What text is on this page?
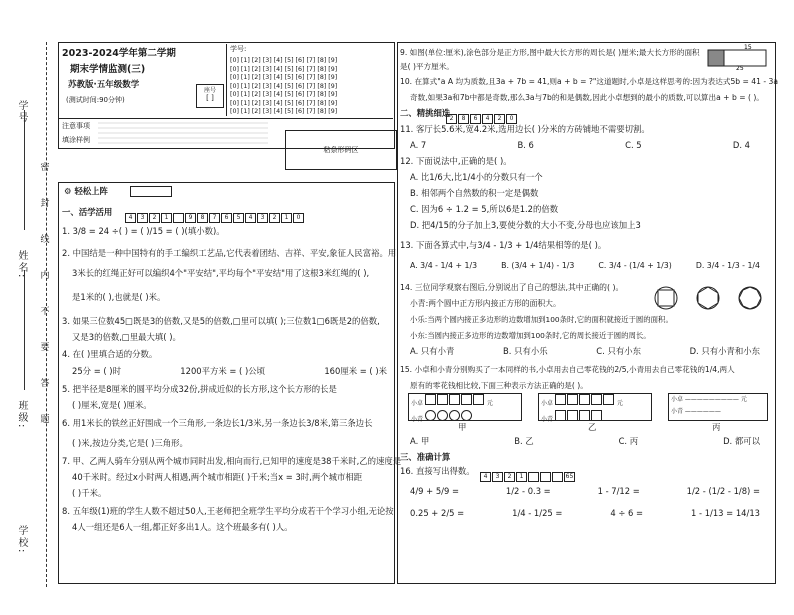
学号
姓名:
班级:
学校:
密
封
线
内
不
要
答
题
2023-2024学年第二学期
期末学情监测(三)
苏教版·五年级数学
(测试时间:90分钟)
座号
[ ]
学号:
[0] [1] [2] [3] [4] [5] [6] [7] [8] [9]
[0] [1] [2] [3] [4] [5] [6] [7] [8] [9]
[0] [1] [2] [3] [4] [5] [6] [7] [8] [9]
[0] [1] [2] [3] [4] [5] [6] [7] [8] [9]
[0] [1] [2] [3] [4] [5] [6] [7] [8] [9]
[0] [1] [2] [3] [4] [5] [6] [7] [8] [9]
[0] [1] [2] [3] [4] [5] [6] [7] [8] [9]
注意事项
填涂样例
粘条形码区
⚙ 轻松上阵
一、活学活用	4 3 2 1	9 8 7 6 5 4 3 2 1 0
1. 3/8 = 24 ÷( ) = ( )/15 = ( )(填小数)。
2. 中国结是一种中国特有的手工编织工艺品,它代表着团结、吉祥、平安,象征人民富裕。用
3米长的红绳正好可以编织4个"平安结",平均每个"平安结"用了这根3米红绳的( ),
是1米的( ),也就是( )米。
3. 如果三位数45□既是3的倍数,又是5的倍数,□里可以填( );三位数1□6既是2的倍数,
又是3的倍数,□里最大填( )。
4. 在( )里填合适的分数。
25分 = ( )时	1200平方米 = ( )公顷	160厘米 = ( )米
5. 把半径是8厘米的圆平均分成32份,拼成近似的长方形,这个长方形的长是
( )厘米,宽是( )厘米。
6. 用1米长的铁丝正好围成一个三角形,一条边长1/3米,另一条边长3/8米,第三条边长
( )米,按边分类,它是( )三角形。
7. 甲、乙两人骑车分别从两个城市同时出发,相向而行,已知甲的速度是38千米时,乙的速度是
40千米时。经过x小时两人相遇,两个城市相距( )千米;当x = 3时,两个城市相距
( )千米。
8. 五年级(1)班的学生人数不超过50人,王老师把全班学生平均分成若干个学习小组,无论按
4人一组还是6人一组,都正好多出1人。这个班最多有( )人。
9. 如图(单位:厘米),涂色部分是正方形,图中最大长方形的周长是( )厘米;最大长方形的面积是( )平方厘米。
15
25
10. 在算式"a A 均为质数,且3a + 7b = 41,则a + b = ?"这道题时,小卓是这样思考的:因为表达式5b = 41 - 3a
奇数,如果3a和7b中都是奇数,那么3a与7b的和是偶数,因此小卓想到的最小的质数,可以算出a + b = ( )。
二、精挑细选 2 8 6 4 2 0
11. 客厅长5.6米,宽4.2米,选用边长( )分米的方砖铺地不需要切割。
A. 7	B. 6	C. 5	D. 4
12. 下面说法中,正确的是( )。
A. 比1/6大,比1/4小的分数只有一个
B. 相邻两个自然数的积一定是偶数
C. 因为6 ÷ 1.2 = 5,所以6是1.2的倍数
D. 把4/15的分子加上3,要使分数的大小不变,分母也应该加上3
13. 下面各算式中,与3/4 - 1/3 + 1/4结果相等的是( )。
A. 3/4 - 1/4 + 1/3	B. (3/4 + 1/4) - 1/3	C. 3/4 - (1/4 + 1/3)	D. 3/4 - 1/3 - 1/4
14. 三位同学观察右图后,分别说出了自己的想法,其中正确的( )。
小青:两个圆中正方形内接正方形的面积大。
小乐:当两个圆内接正多边形的边数增加到100条时,它的面积就接近于圆的面积。
小东:当圆内接正多边形的边数增加到100条时,它的周长接近于圆的周长。
A. 只有小青	B. 只有小乐	C. 只有小东	D. 只有小青和小东
15. 小卓和小青分别购买了一本同样的书,小卓用去自己零花钱的2/5,小青用去自己零花钱的1/4,两人
原有的零花钱相比较,下面三种表示方法正确的是( )。
小卓	元
小青
小卓	元
小青
小卓 ————————— 元
小青 ——————
甲	乙	丙
A. 甲	B. 乙	C. 丙	D. 都可以
三、准确计算
16. 直接写出得数。	4 3 2 1	65
4/9 + 5/9 =	1/2 - 0.3 =	1 - 7/12 =	1/2 - (1/2 - 1/8) =
0.25 + 2/5 =	1/4 - 1/25 =	4 ÷ 6 =	1 - 1/13 = 14/13
